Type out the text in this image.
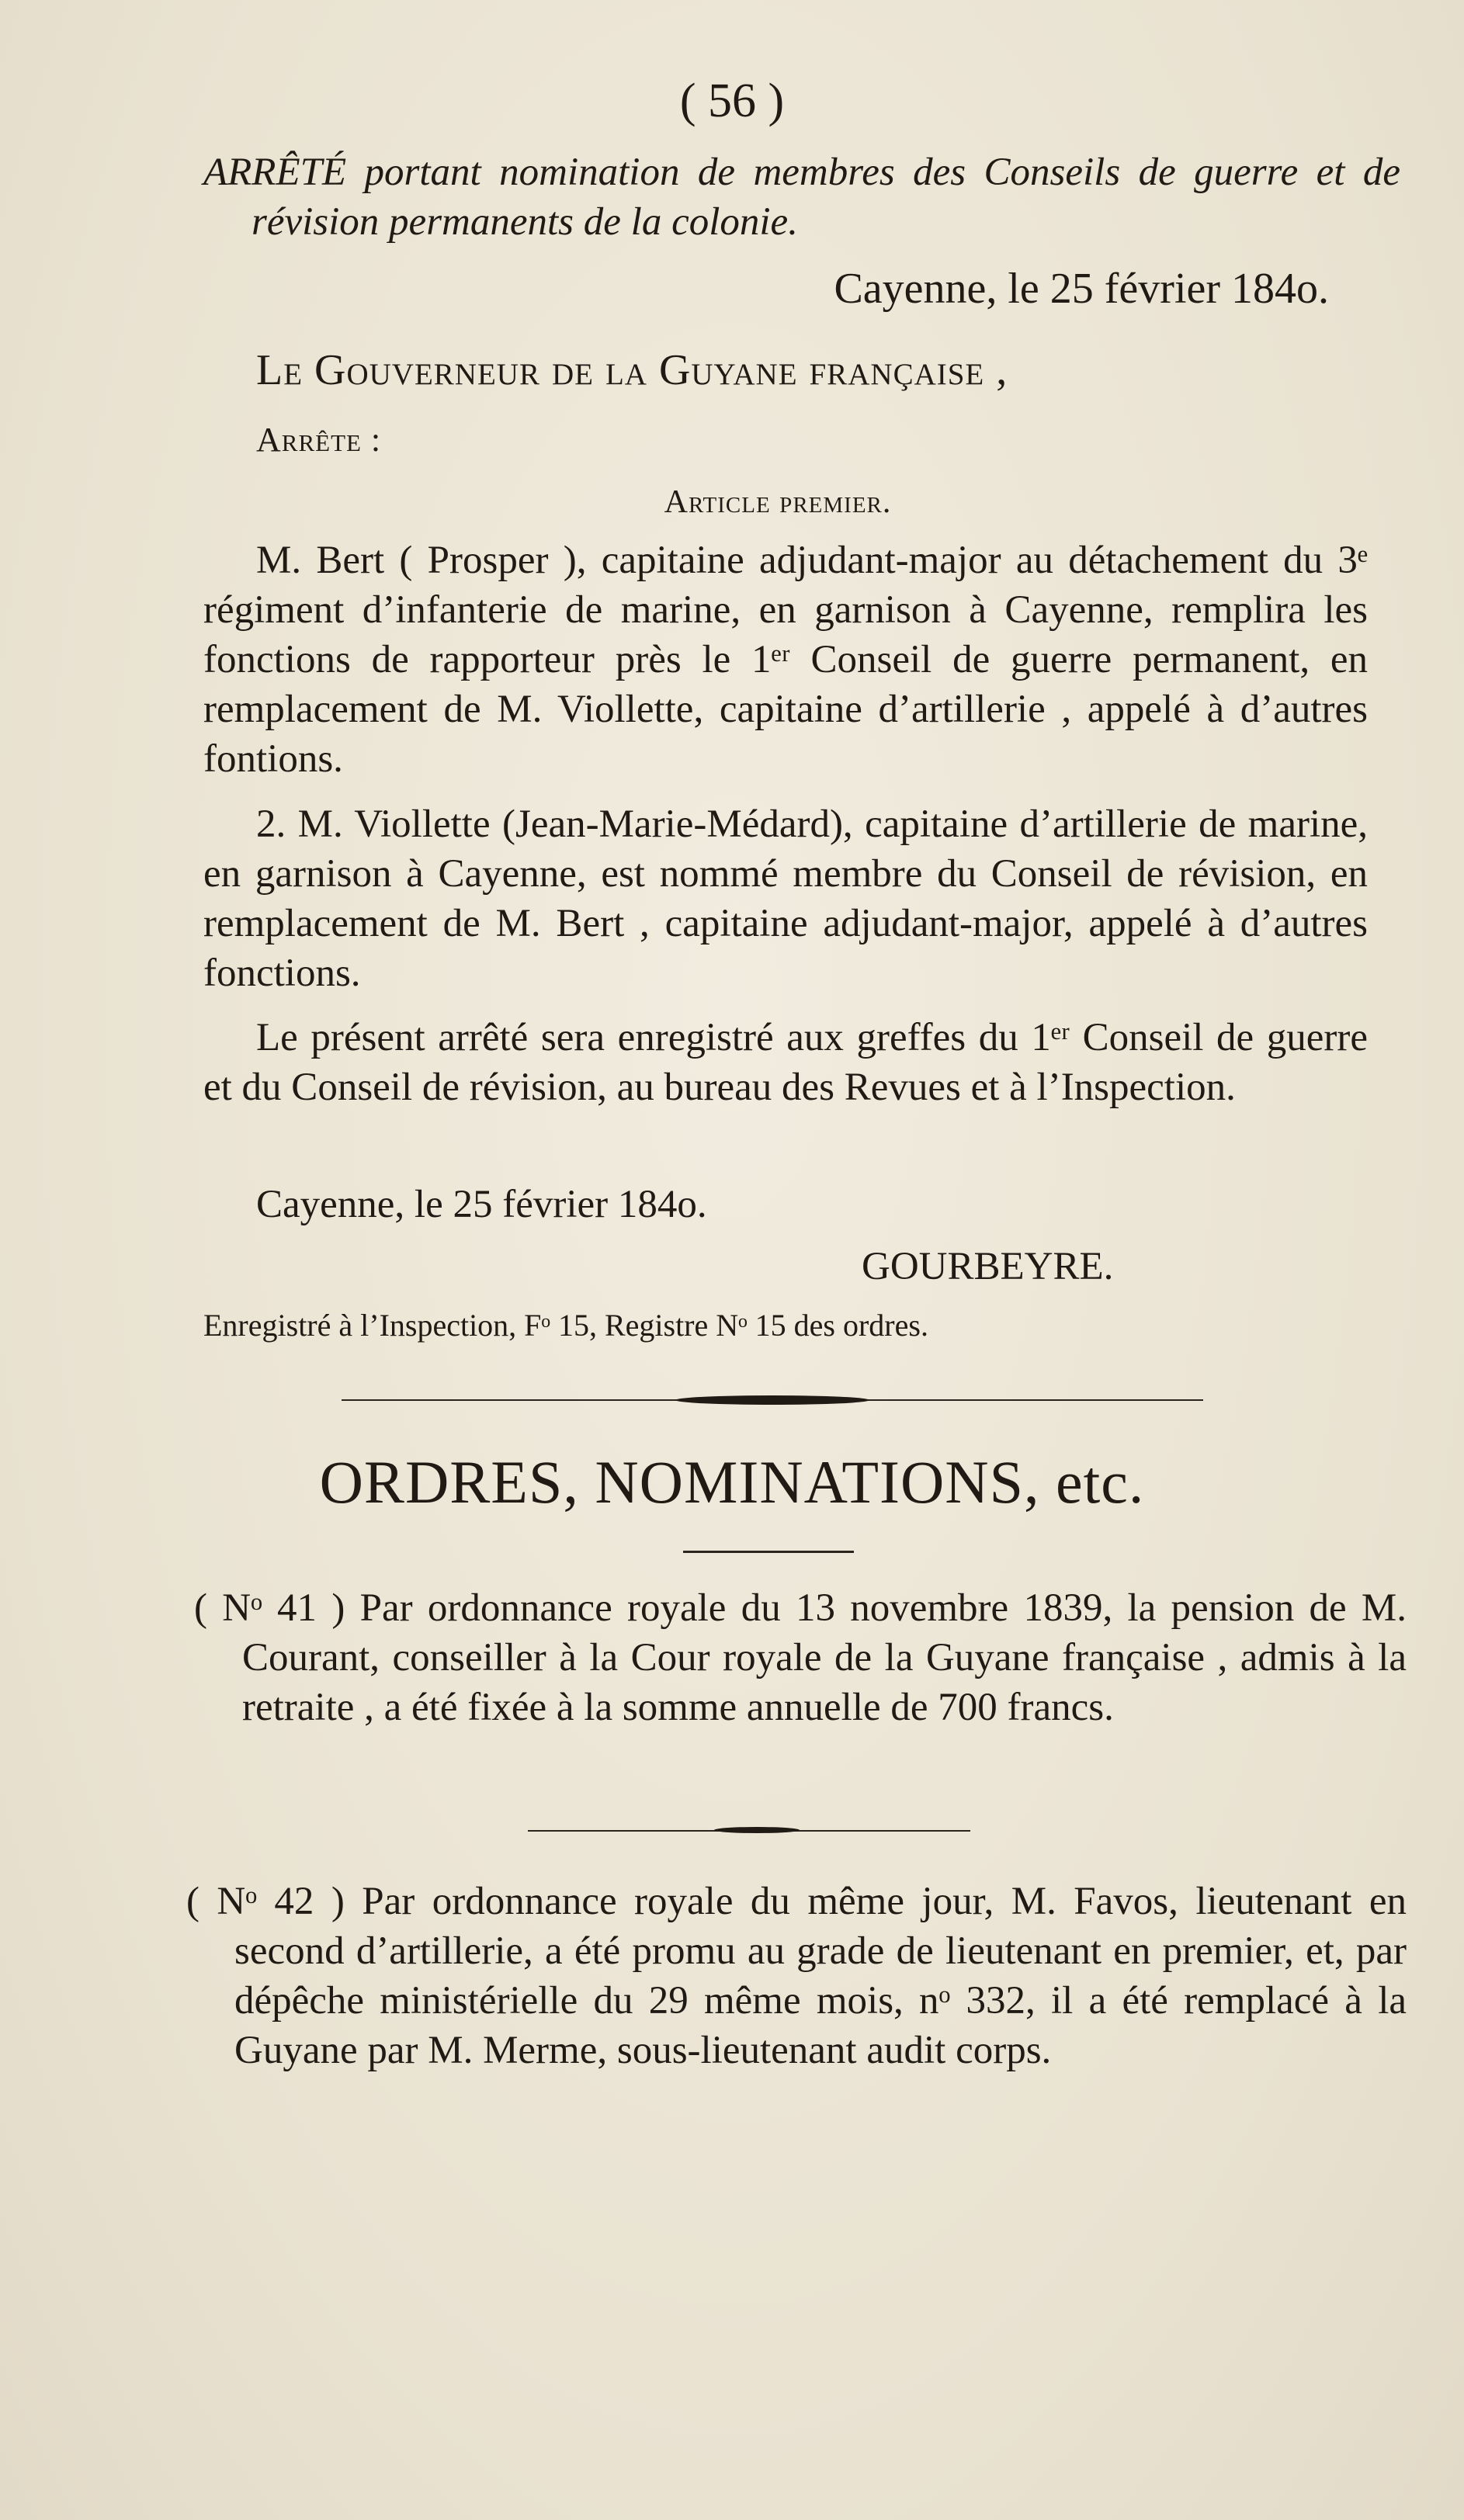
( 56 )
ARRÊTÉ portant nomination de membres des Conseils de guerre et de révision permanents de la colonie.
Cayenne, le 25 février 184o.
Le Gouverneur de la Guyane française ,
Arrête :
Article premier.
M. Bert ( Prosper ), capitaine adjudant-major au détachement du 3ᵉ régiment d’infanterie de marine, en garnison à Cayenne, remplira les fonctions de rapporteur près le 1ᵉʳ Conseil de guerre permanent, en remplacement de M. Viollette, capitaine d’artillerie , appelé à d’autres fontions.
2. M. Viollette (Jean-Marie-Médard), capitaine d’artillerie de marine, en garnison à Cayenne, est nommé membre du Conseil de révision, en remplacement de M. Bert , capitaine adjudant-major, appelé à d’autres fonctions.
Le présent arrêté sera enregistré aux greffes du 1ᵉʳ Conseil de guerre et du Conseil de révision, au bureau des Revues et à l’Inspection.
Cayenne, le 25 février 184o.
GOURBEYRE.
Enregistré à l’Inspection, Fᵒ 15, Registre Nᵒ 15 des ordres.
ORDRES, NOMINATIONS, etc.
( Nᵒ 41 ) Par ordonnance royale du 13 novembre 1839, la pension de M. Courant, conseiller à la Cour royale de la Guyane française , admis à la retraite , a été fixée à la somme annuelle de 700 francs.
( Nᵒ 42 ) Par ordonnance royale du même jour, M. Favos, lieutenant en second d’artillerie, a été promu au grade de lieutenant en premier, et, par dépêche ministérielle du 29 même mois, nᵒ 332, il a été remplacé à la Guyane par M. Merme, sous-lieutenant audit corps.
